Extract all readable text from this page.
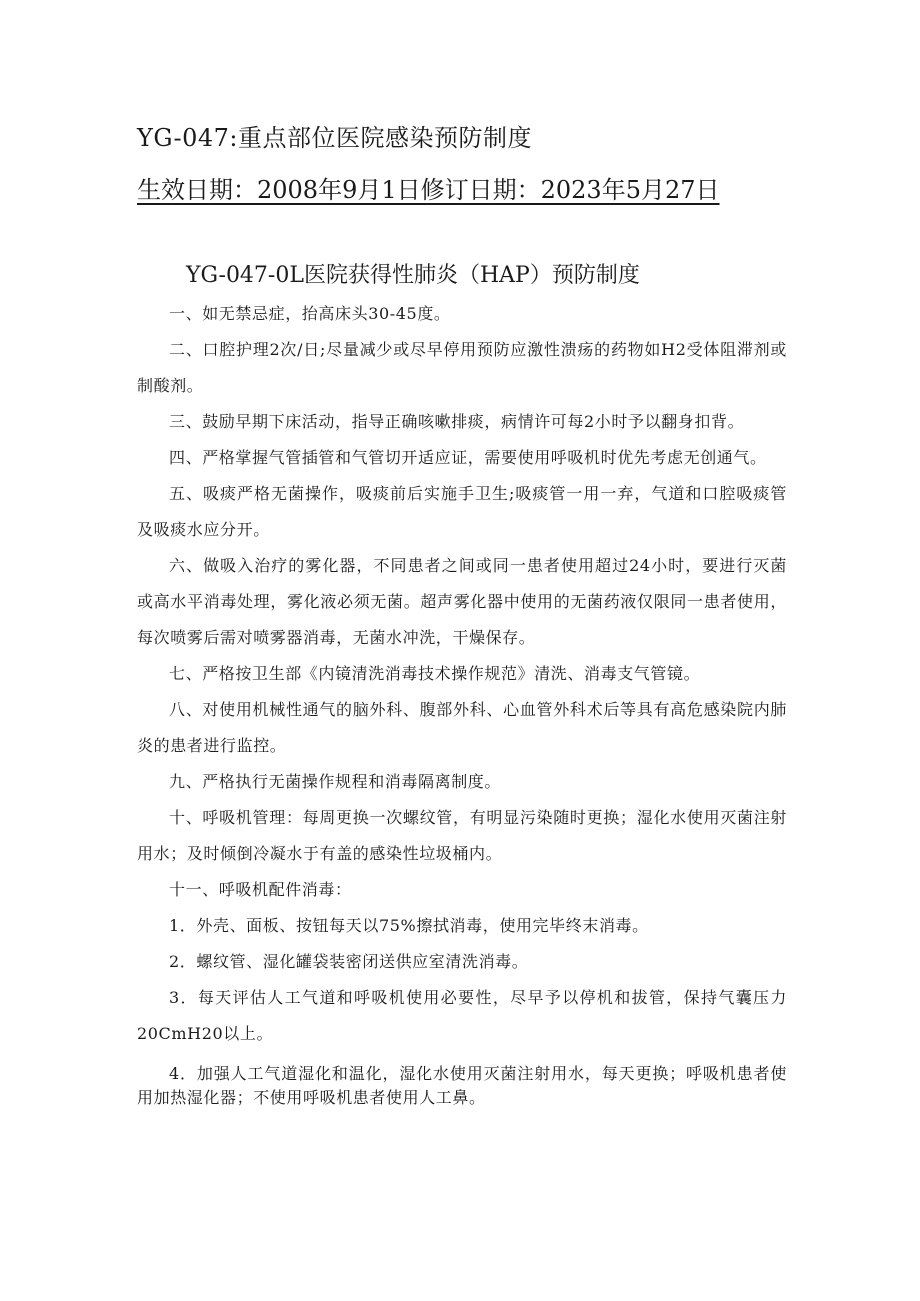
YG-047:重点部位医院感染预防制度
生效日期：2008年9月1日修订日期：2023年5月27日
YG-047-0L医院获得性肺炎（HAP）预防制度

一、如无禁忌症，抬高床头30-45度。

二、口腔护理2次/日;尽量减少或尽早停用预防应激性溃疡的药物如H2受体阻滞剂或制酸剂。

三、鼓励早期下床活动，指导正确咳嗽排痰，病情许可每2小时予以翻身扣背。

四、严格掌握气管插管和气管切开适应证，需要使用呼吸机时优先考虑无创通气。

五、吸痰严格无菌操作，吸痰前后实施手卫生;吸痰管一用一弃，气道和口腔吸痰管及吸痰水应分开。

六、做吸入治疗的雾化器，不同患者之间或同一患者使用超过24小时，要进行灭菌或高水平消毒处理，雾化液必须无菌。超声雾化器中使用的无菌药液仅限同一患者使用，每次喷雾后需对喷雾器消毒，无菌水冲洗，干燥保存。

七、严格按卫生部《内镜清洗消毒技术操作规范》清洗、消毒支气管镜。

八、对使用机械性通气的脑外科、腹部外科、心血管外科术后等具有高危感染院内肺炎的患者进行监控。

九、严格执行无菌操作规程和消毒隔离制度。

十、呼吸机管理：每周更换一次螺纹管，有明显污染随时更换；湿化水使用灭菌注射用水；及时倾倒冷凝水于有盖的感染性垃圾桶内。

十一、呼吸机配件消毒：

1．外壳、面板、按钮每天以75%擦拭消毒，使用完毕终末消毒。

2．螺纹管、湿化罐袋装密闭送供应室清洗消毒。

3．每天评估人工气道和呼吸机使用必要性，尽早予以停机和拔管，保持气囊压力20CmH20以上。

4．加强人工气道湿化和温化，湿化水使用灭菌注射用水，每天更换；呼吸机患者使用加热湿化器；不使用呼吸机患者使用人工鼻。
